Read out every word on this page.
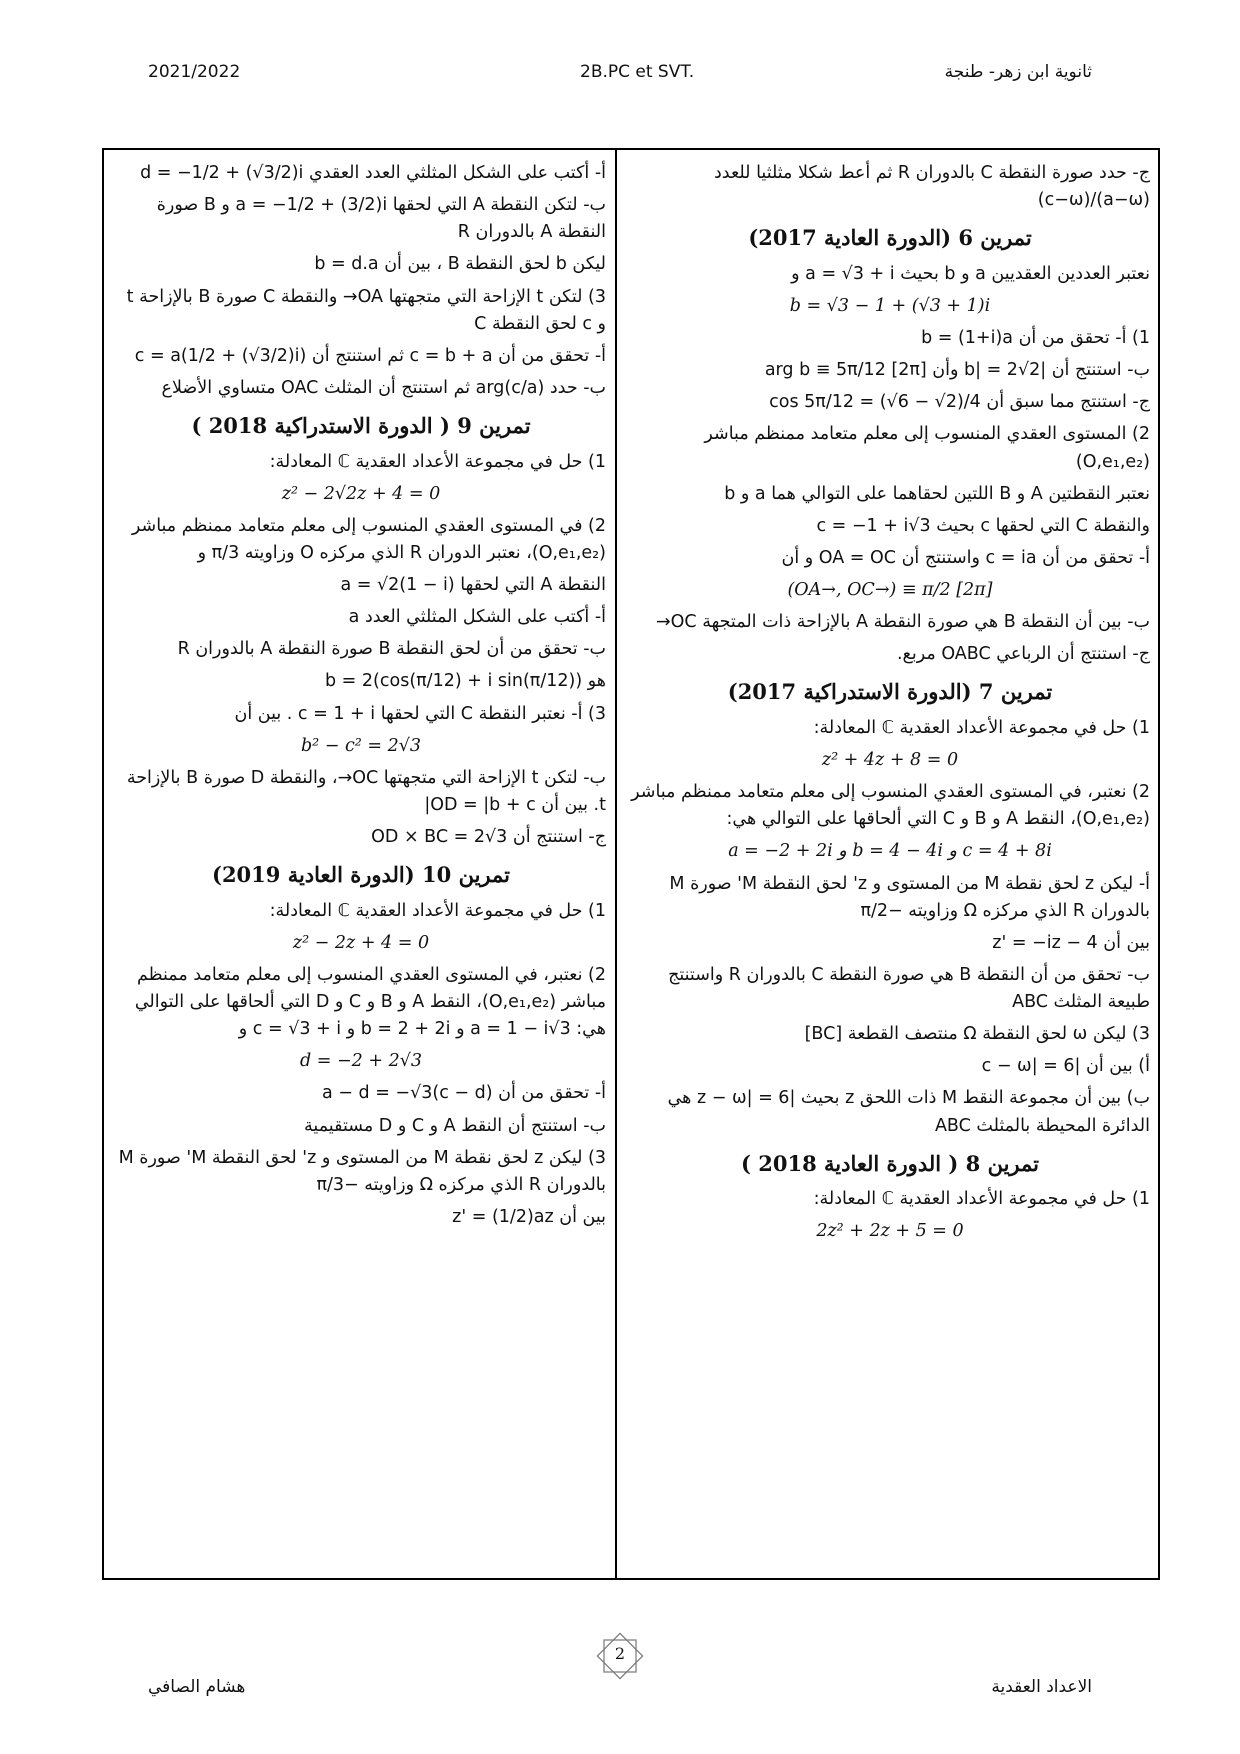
2021/2022	2B.PC et SVT.	ثانوية ابن زهر- طنجة

ج- حدد صورة النقطة C بالدوران R ثم أعط شكلا مثلثيا للعدد (a−ω)/(c−ω)

تمرين 6 (الدورة العادية 2017)

نعتبر العددين العقديين a و b بحيث a = √3 + i و

b = √3 − 1 + (√3 + 1)i

1) أ- تحقق من أن b = (1+i)a

ب- استنتج أن |b| = 2√2 وأن arg b ≡ 5π/12 [2π]

ج- استنتج مما سبق أن cos 5π/12 = (√6 − √2)/4

2) المستوى العقدي المنسوب إلى معلم متعامد ممنظم مباشر (O,e₁,e₂)

نعتبر النقطتين A و B اللتين لحقاهما على التوالي هما a و b

والنقطة C التي لحقها c بحيث c = −1 + i√3

أ- تحقق من أن c = ia واستنتج أن OA = OC و أن

(OA→, OC→) ≡ π/2 [2π]

ب- بين أن النقطة B هي صورة النقطة A بالإزاحة ذات المتجهة OC→

ج- استنتج أن الرباعي OABC مربع.

تمرين 7 (الدورة الاستدراكية 2017)

1) حل في مجموعة الأعداد العقدية ℂ المعادلة:

z² + 4z + 8 = 0

2) نعتبر، في المستوى العقدي المنسوب إلى معلم متعامد ممنظم مباشر (O,e₁,e₂)، النقط A و B و C التي ألحاقها على التوالي هي:

a = −2 + 2i و b = 4 − 4i و c = 4 + 8i

أ- ليكن z لحق نقطة M من المستوى و z' لحق النقطة M' صورة M بالدوران R الذي مركزه Ω وزاويته −π/2

بين أن z' = −iz − 4

ب- تحقق من أن النقطة B هي صورة النقطة C بالدوران R واستنتج طبيعة المثلث ABC

3) ليكن ω لحق النقطة Ω منتصف القطعة [BC]

أ) بين أن |c − ω| = 6

ب) بين أن مجموعة النقط M ذات اللحق z بحيث |z − ω| = 6 هي الدائرة المحيطة بالمثلث ABC

تمرين 8 ( الدورة العادية 2018 )

1) حل في مجموعة الأعداد العقدية ℂ المعادلة:

2z² + 2z + 5 = 0

أ- أكتب على الشكل المثلثي العدد العقدي d = −1/2 + (√3/2)i

ب- لتكن النقطة A التي لحقها a = −1/2 + (3/2)i و B صورة النقطة A بالدوران R

ليكن b لحق النقطة B ، بين أن b = d.a

3) لتكن t الإزاحة التي متجهتها OA→ والنقطة C صورة B بالإزاحة t و c لحق النقطة C

أ- تحقق من أن c = b + a ثم استنتج أن c = a(1/2 + (√3/2)i)

ب- حدد arg(c/a) ثم استنتج أن المثلث OAC متساوي الأضلاع

تمرين 9 ( الدورة الاستدراكية 2018 )

1) حل في مجموعة الأعداد العقدية ℂ المعادلة:

z² − 2√2z + 4 = 0

2) في المستوى العقدي المنسوب إلى معلم متعامد ممنظم مباشر (O,e₁,e₂)، نعتبر الدوران R الذي مركزه O وزاويته π/3 و

النقطة A التي لحقها a = √2(1 − i)

أ- أكتب على الشكل المثلثي العدد a

ب- تحقق من أن لحق النقطة B صورة النقطة A بالدوران R

هو b = 2(cos(π/12) + i sin(π/12))

3) أ- نعتبر النقطة C التي لحقها c = 1 + i . بين أن

b² − c² = 2√3

ب- لتكن t الإزاحة التي متجهتها OC→، والنقطة D صورة B بالإزاحة t. بين أن OD = |b + c|

ج- استنتج أن OD × BC = 2√3

تمرين 10 (الدورة العادية 2019)

1) حل في مجموعة الأعداد العقدية ℂ المعادلة:

z² − 2z + 4 = 0

2) نعتبر، في المستوى العقدي المنسوب إلى معلم متعامد ممنظم مباشر (O,e₁,e₂)، النقط A و B و C و D التي ألحاقها على التوالي هي: a = 1 − i√3 و b = 2 + 2i و c = √3 + i و

d = −2 + 2√3

أ- تحقق من أن a − d = −√3(c − d)

ب- استنتج أن النقط A و C و D مستقيمية

3) ليكن z لحق نقطة M من المستوى و z' لحق النقطة M' صورة M بالدوران R الذي مركزه Ω وزاويته −π/3

بين أن z' = (1/2)az

2
هشام الصافي	الاعداد العقدية
